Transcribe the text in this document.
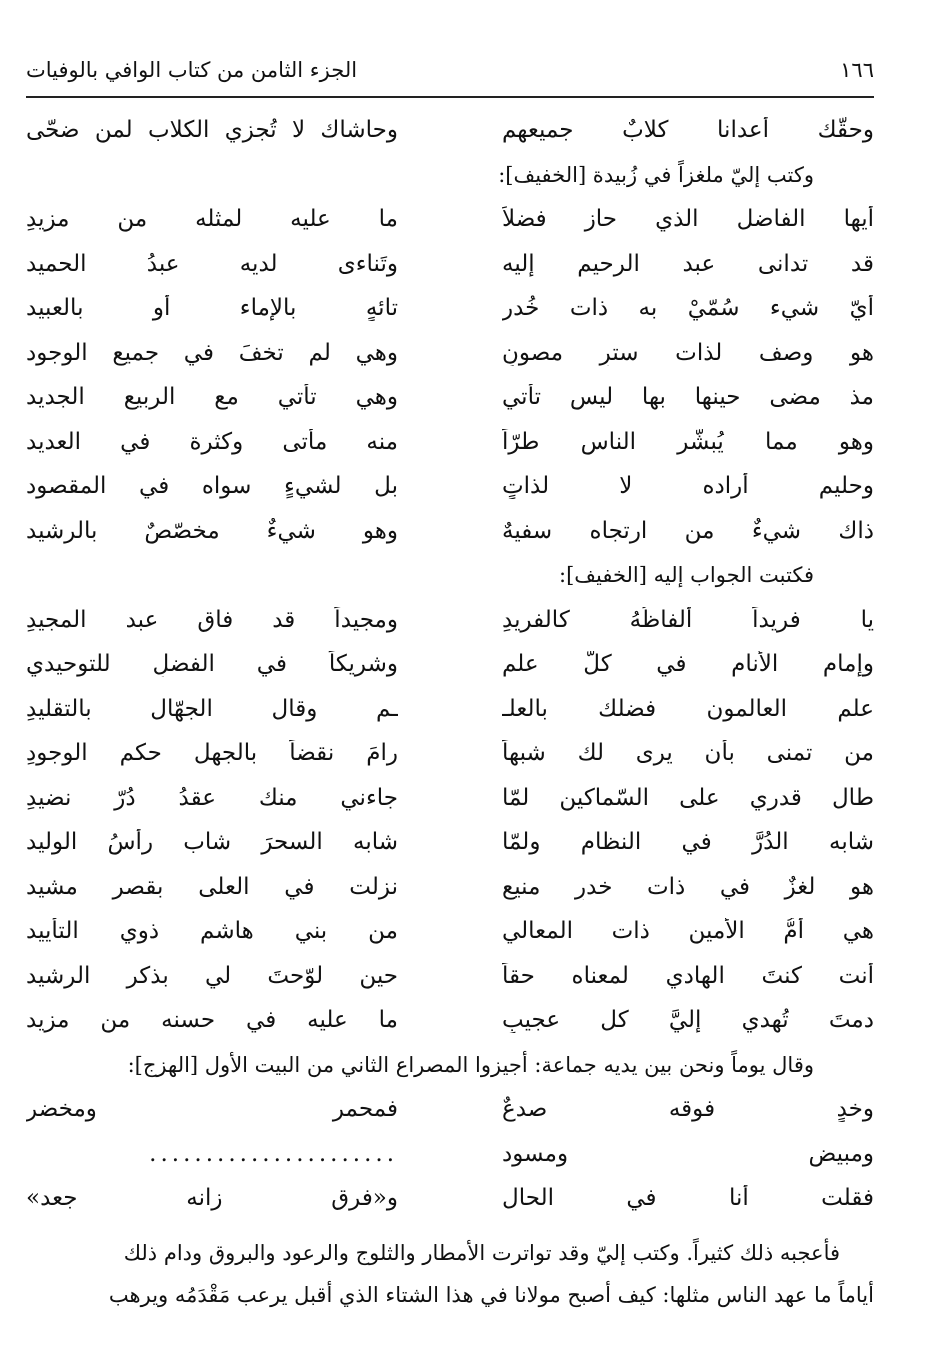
١٦٦
الجزء الثامن من كتاب الوافي بالوفيات
وحقّك أعدانا كلابٌ جميعهم
وحاشاك لا تُجزي الكلاب لمن ضحّى
وكتب إليّ ملغزاً في زُبيدة [الخفيف]:
أيها الفاضل الذي حاز فضلاً
ما عليه لمثله من مزيدِ
قد تدانى عبد الرحيم إليه
وتَناءى لديه عبدُ الحميد
أيّ شيء سُمّيْ به ذات خُدر
تائهٍ بالإماء أو بالعبيد
هو وصف لذات سترٍ مصونٍ
وهي لم تخفَ في جميع الوجود
مذ مضى حينها بها ليس تأتي
وهي تأتي مع الربيع الجديد
وهو مما يُبشّر الناس طرّاً
منه مأتى وكثرة في العديد
وحليم أراده لا لذاتٍ
بل لشيءٍ سواه في المقصود
ذاك شيءٌ من ارتجاه سفيهٌ
وهو شيءٌ مخصّصٌ بالرشيد
فكتبت الجواب إليه [الخفيف]:
يا فريداً ألفاظُهُ كالفريدِ
ومجيداً قد فاق عبد المجيدِ
وإمام الأنام في كلّ علم
وشريكاً في الفضلِ للتوحيدي
علم العالمون فضلك بالعلـ
ـم وقال الجهّال بالتقليدِ
من تمنى بأن يرى لك شبهاً
رامَ نقضاً بالجهل حكم الوجودِ
طال قدري على السّماكين لمّا
جاءني منك عقدُ دُرّ نضيدِ
شابه الدُرَّ في النظام ولمّا
شابه السحرَ شاب رأسُ الوليد
هو لغزٌ في ذات خدرٍ منيع
نزلت في العلى بقصر مشيد
هي أمُّ الأمين ذات المعالي
من بني هاشم ذوي التأييد
أنت كنتَ الهادي لمعناه حقاً
حين لوّحتَ لي بذكرِ الرشيد
دمتَ تُهدي إليَّ كل عجيبٍ
ما عليه في حسنه من مزيد
وقال يوماً ونحن بين يديه جماعة: أجيزوا المصراع الثاني من البيت الأول [الهزج]:
وخدٍ فوقه صدعٌ
فمحمر ومخضر
ومبيض ومسود
......................
فقلت أنا في الحال
و«فرق زانه جعد»
فأعجبه ذلك كثيراً. وكتب إليّ وقد تواترت الأمطار والثلوج والرعود والبروق ودام ذلك
أياماً ما عهد الناس مثلها: كيف أصبح مولانا في هذا الشتاء الذي أقبل يرعب مَقْدَمُه ويرهب
